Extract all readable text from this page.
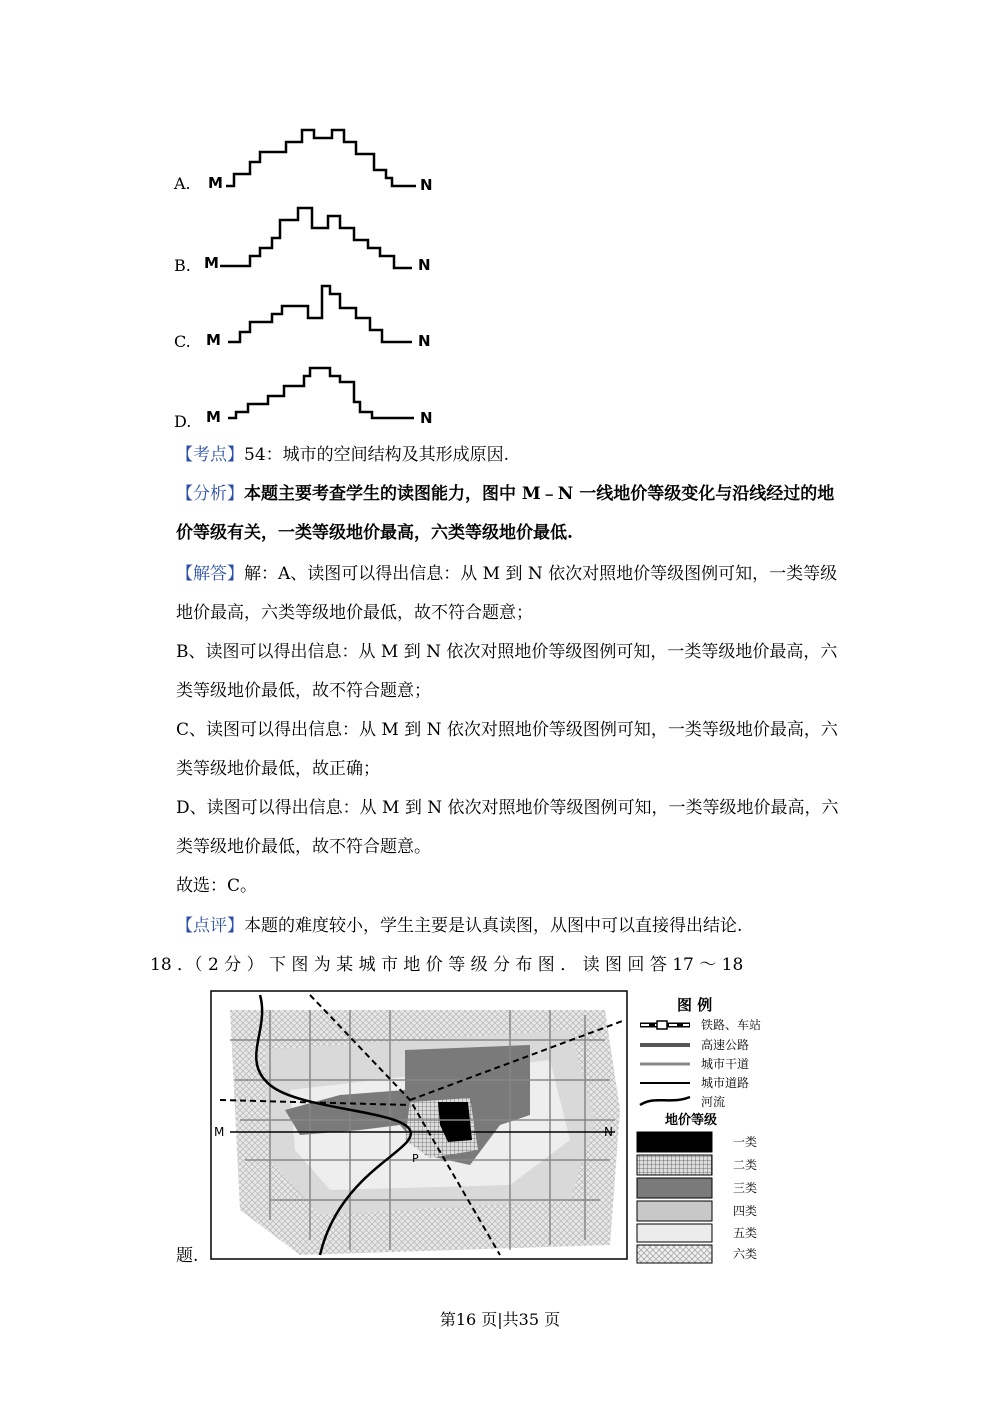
A.
B.
C.
D.
M	N
M	N
M	N
M	N
【考点】54：城市的空间结构及其形成原因.
【分析】本题主要考查学生的读图能力，图中 M﹣N 一线地价等级变化与沿线经过的地
价等级有关，一类等级地价最高，六类等级地价最低.
【解答】解：A、读图可以得出信息：从 M 到 N 依次对照地价等级图例可知，一类等级
地价最高，六类等级地价最低，故不符合题意；
B、读图可以得出信息：从 M 到 N 依次对照地价等级图例可知，一类等级地价最高，六
类等级地价最低，故不符合题意；
C、读图可以得出信息：从 M 到 N 依次对照地价等级图例可知，一类等级地价最高，六
类等级地价最低，故正确；
D、读图可以得出信息：从 M 到 N 依次对照地价等级图例可知，一类等级地价最高，六
类等级地价最低，故不符合题意。
故选：C。
【点评】本题的难度较小，学生主要是认真读图，从图中可以直接得出结论.
18 ．（ 2 分 ） 下 图 为 某 城 市 地 价 等 级 分 布 图 ． 读 图 回 答 17 ～ 18
题.
M	N
P
图 例
铁路、车站
高速公路
城市干道
城市道路
河流
地价等级
一类
二类
三类
四类
五类
六类
第16 页|共35 页
